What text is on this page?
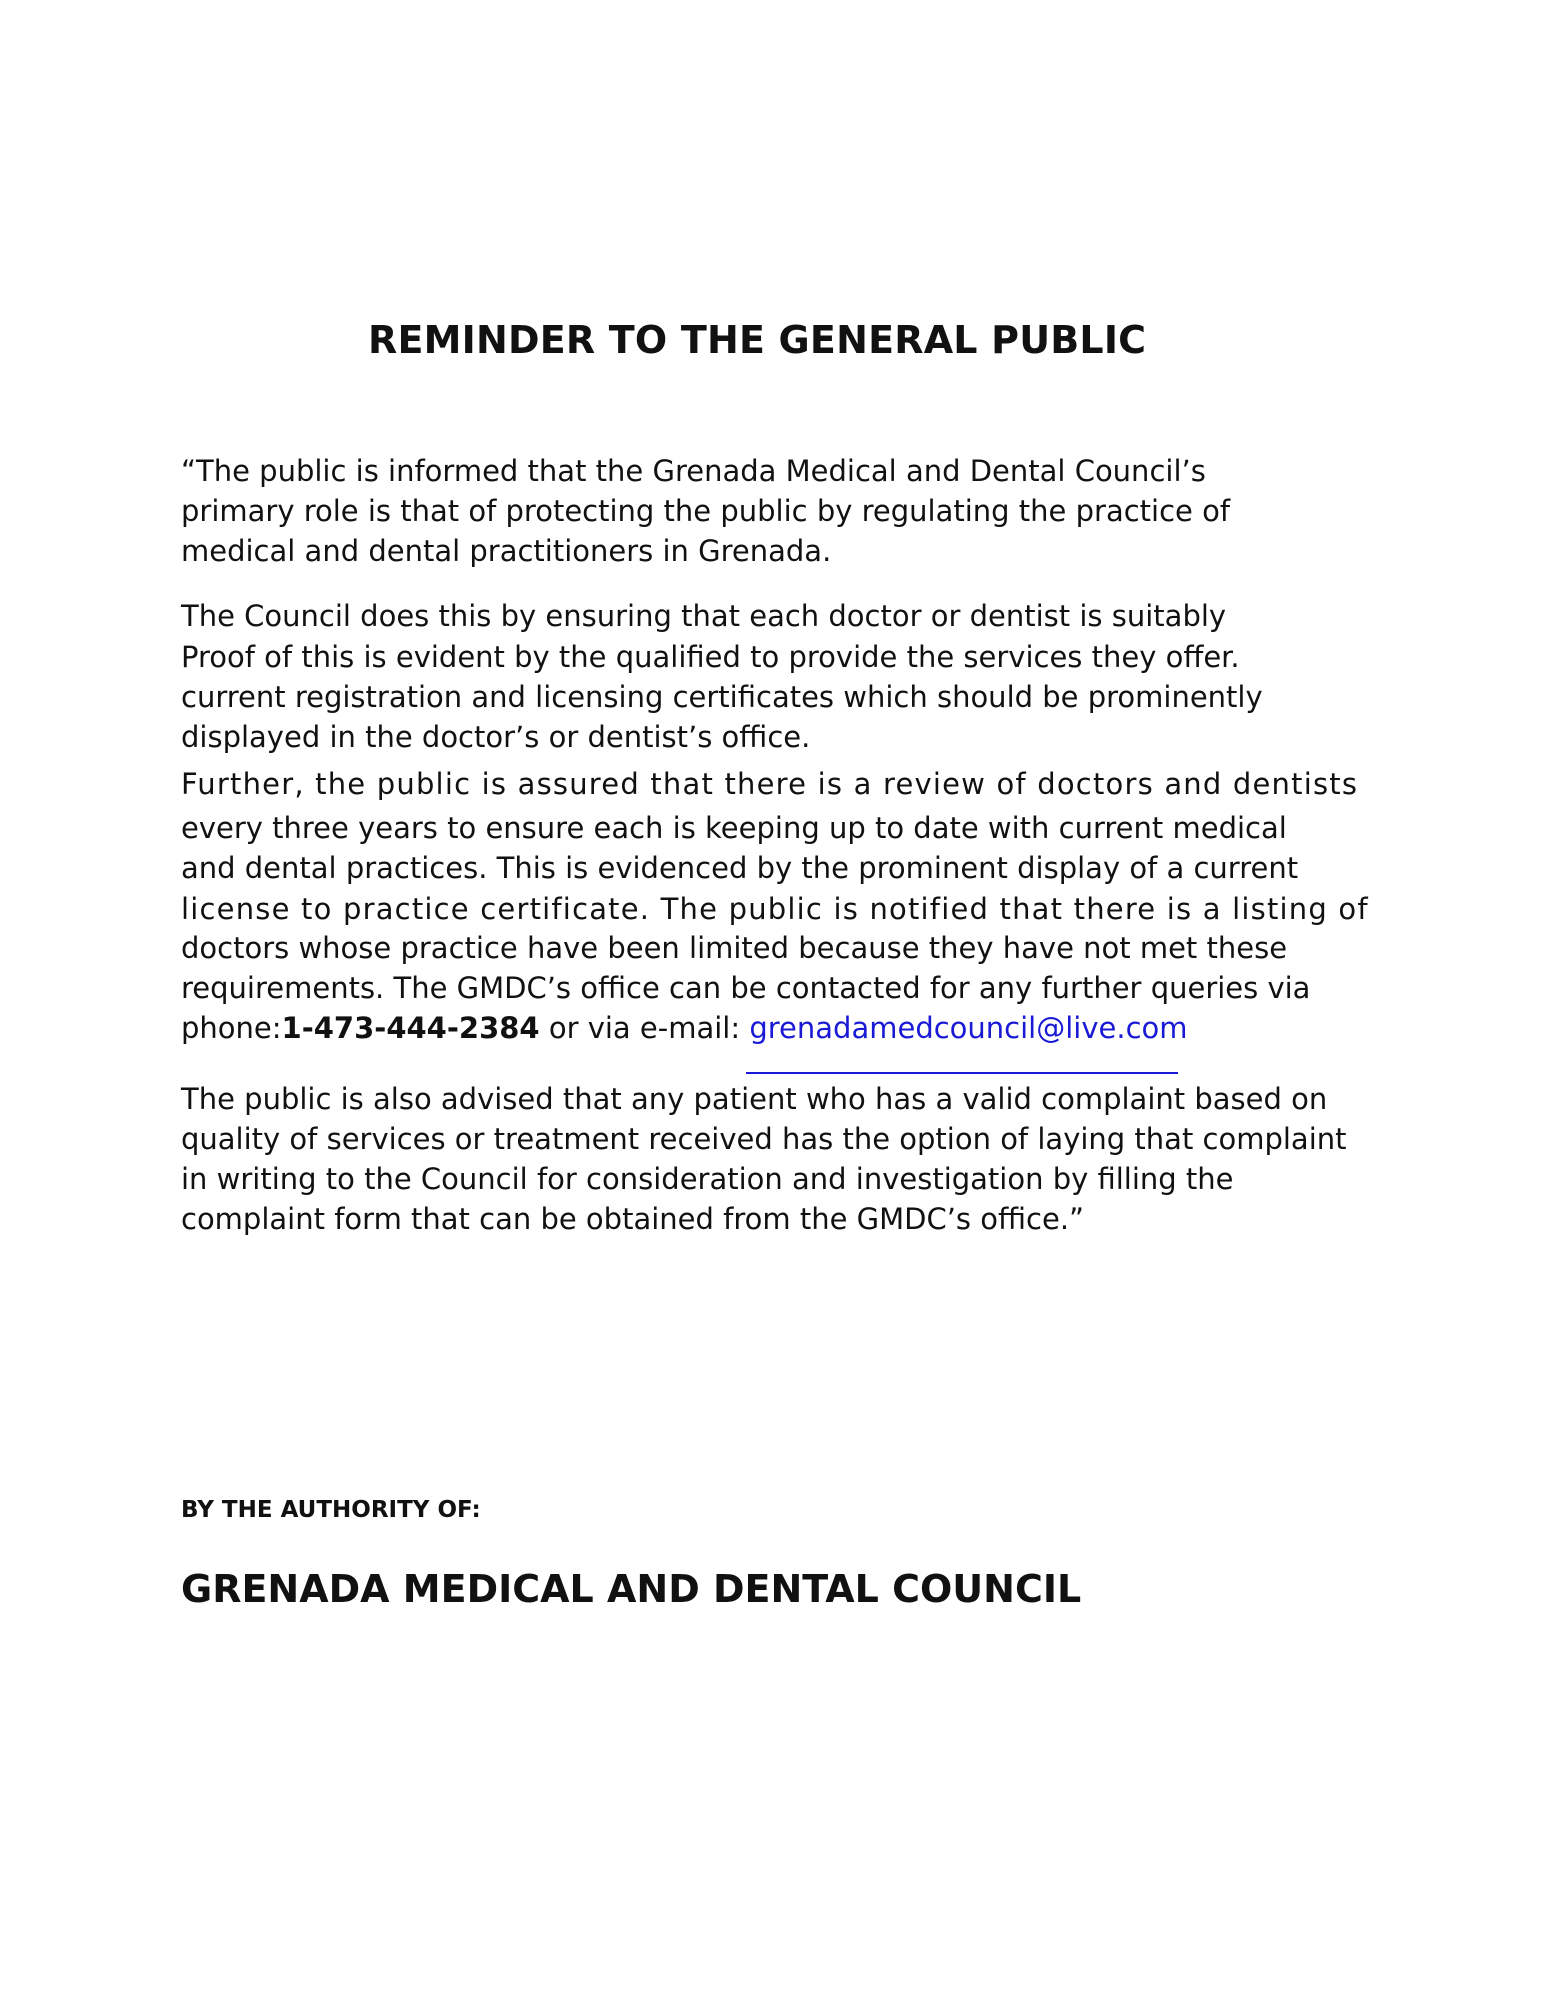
REMINDER TO THE GENERAL PUBLIC

“The public is informed that the Grenada Medical and Dental Council’s

primary role is that of protecting the public by regulating the practice of

medical and dental practitioners in Grenada.

The Council does this by ensuring that each doctor or dentist is suitably

Proof of this is evident by the qualified to provide the services they offer.

current registration and licensing certificates which should be prominently

displayed in the doctor’s or dentist’s office.

Further, the public is assured that there is a review of doctors and dentists

every three years to ensure each is keeping up to date with current medical

and dental practices. This is evidenced by the prominent display of a current

license to practice certificate. The public is notified that there is a listing of

doctors whose practice have been limited because they have not met these

requirements. The GMDC’s office can be contacted for any further queries via

phone:1-473-444-2384 or via e-mail: grenadamedcouncil@live.com

The public is also advised that any patient who has a valid complaint based on

quality of services or treatment received has the option of laying that complaint

in writing to the Council for consideration and investigation by filling the

complaint form that can be obtained from the GMDC’s office.”

BY THE AUTHORITY OF:

GRENADA MEDICAL AND DENTAL COUNCIL
